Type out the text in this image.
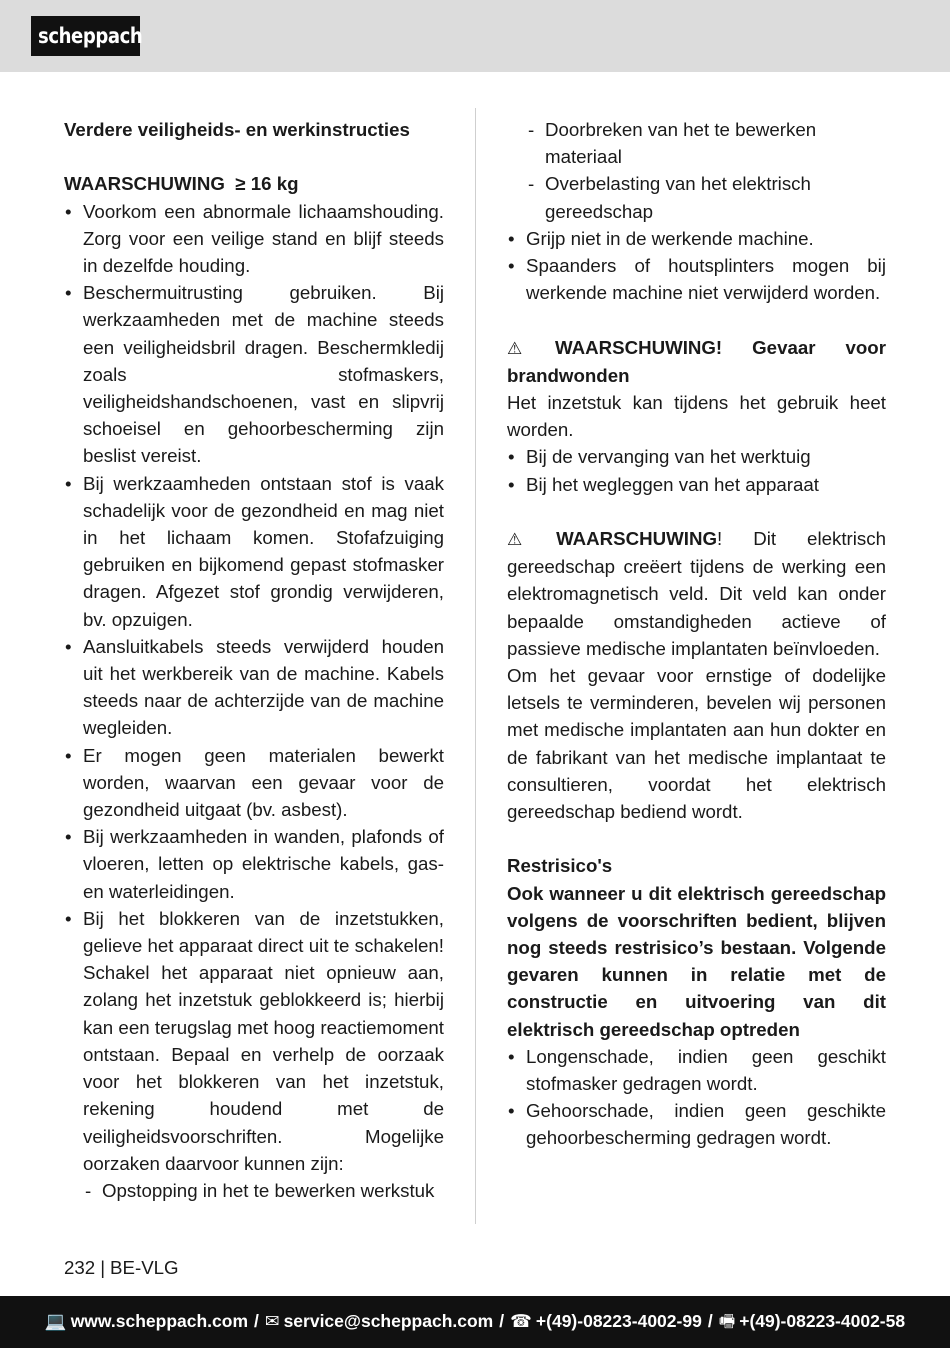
scheppach

Verdere veiligheids- en werkinstructies

WAARSCHUWING  ≥ 16 kg

• Voorkom een abnormale lichaamshouding. Zorg voor een veilige stand en blijf steeds in dezelfde houding.
• Beschermuitrusting gebruiken. Bij werkzaamheden met de machine steeds een veiligheidsbril dragen. Beschermkledij zoals stofmaskers, veiligheidshandschoenen, vast en slipvrij schoeisel en gehoorbescherming zijn beslist vereist.
• Bij werkzaamheden ontstaan stof is vaak schadelijk voor de gezondheid en mag niet in het lichaam komen. Stofafzuiging gebruiken en bijkomend gepast stofmasker dragen. Afgezet stof grondig verwijderen, bv. opzuigen.
• Aansluitkabels steeds verwijderd houden uit het werkbereik van de machine. Kabels steeds naar de achterzijde van de machine wegleiden.
• Er mogen geen materialen bewerkt worden, waarvan een gevaar voor de gezondheid uitgaat (bv. asbest).
• Bij werkzaamheden in wanden, plafonds of vloeren, letten op elektrische kabels, gas- en waterleidingen.
• Bij het blokkeren van de inzetstukken, gelieve het apparaat direct uit te schakelen! Schakel het apparaat niet opnieuw aan, zolang het inzetstuk geblokkeerd is; hierbij kan een terugslag met hoog reactiemoment ontstaan. Bepaal en verhelp de oorzaak voor het blokkeren van het inzetstuk, rekening houdend met de veiligheidsvoorschriften. Mogelijke oorzaken daarvoor kunnen zijn:
- Opstopping in het te bewerken werkstuk
- Doorbreken van het te bewerken materiaal
- Overbelasting van het elektrisch gereedschap
• Grijp niet in de werkende machine.
• Spaanders of houtsplinters mogen bij werkende machine niet verwijderd worden.

⚠ WAARSCHUWING! Gevaar voor brandwonden

Het inzetstuk kan tijdens het gebruik heet worden.

• Bij de vervanging van het werktuig
• Bij het wegleggen van het apparaat

⚠ WAARSCHUWING! Dit elektrisch gereedschap creëert tijdens de werking een elektromagnetisch veld. Dit veld kan onder bepaalde omstandigheden actieve of passieve medische implantaten beïnvloeden.

Om het gevaar voor ernstige of dodelijke letsels te verminderen, bevelen wij personen met medische implantaten aan hun dokter en de fabrikant van het medische implantaat te consultieren, voordat het elektrisch gereedschap bediend wordt.

Restrisico's

Ook wanneer u dit elektrisch gereedschap volgens de voorschriften bedient, blijven nog steeds restrisico’s bestaan. Volgende gevaren kunnen in relatie met de constructie en uitvoering van dit elektrisch gereedschap optreden

• Longenschade, indien geen geschikt stofmasker gedragen wordt.
• Gehoorschade, indien geen geschikte gehoorbescherming gedragen wordt.
232 | BE-VLG
💻 www.scheppach.com / ✉ service@scheppach.com / ☎ +(49)-08223-4002-99 / 🖷 +(49)-08223-4002-58
